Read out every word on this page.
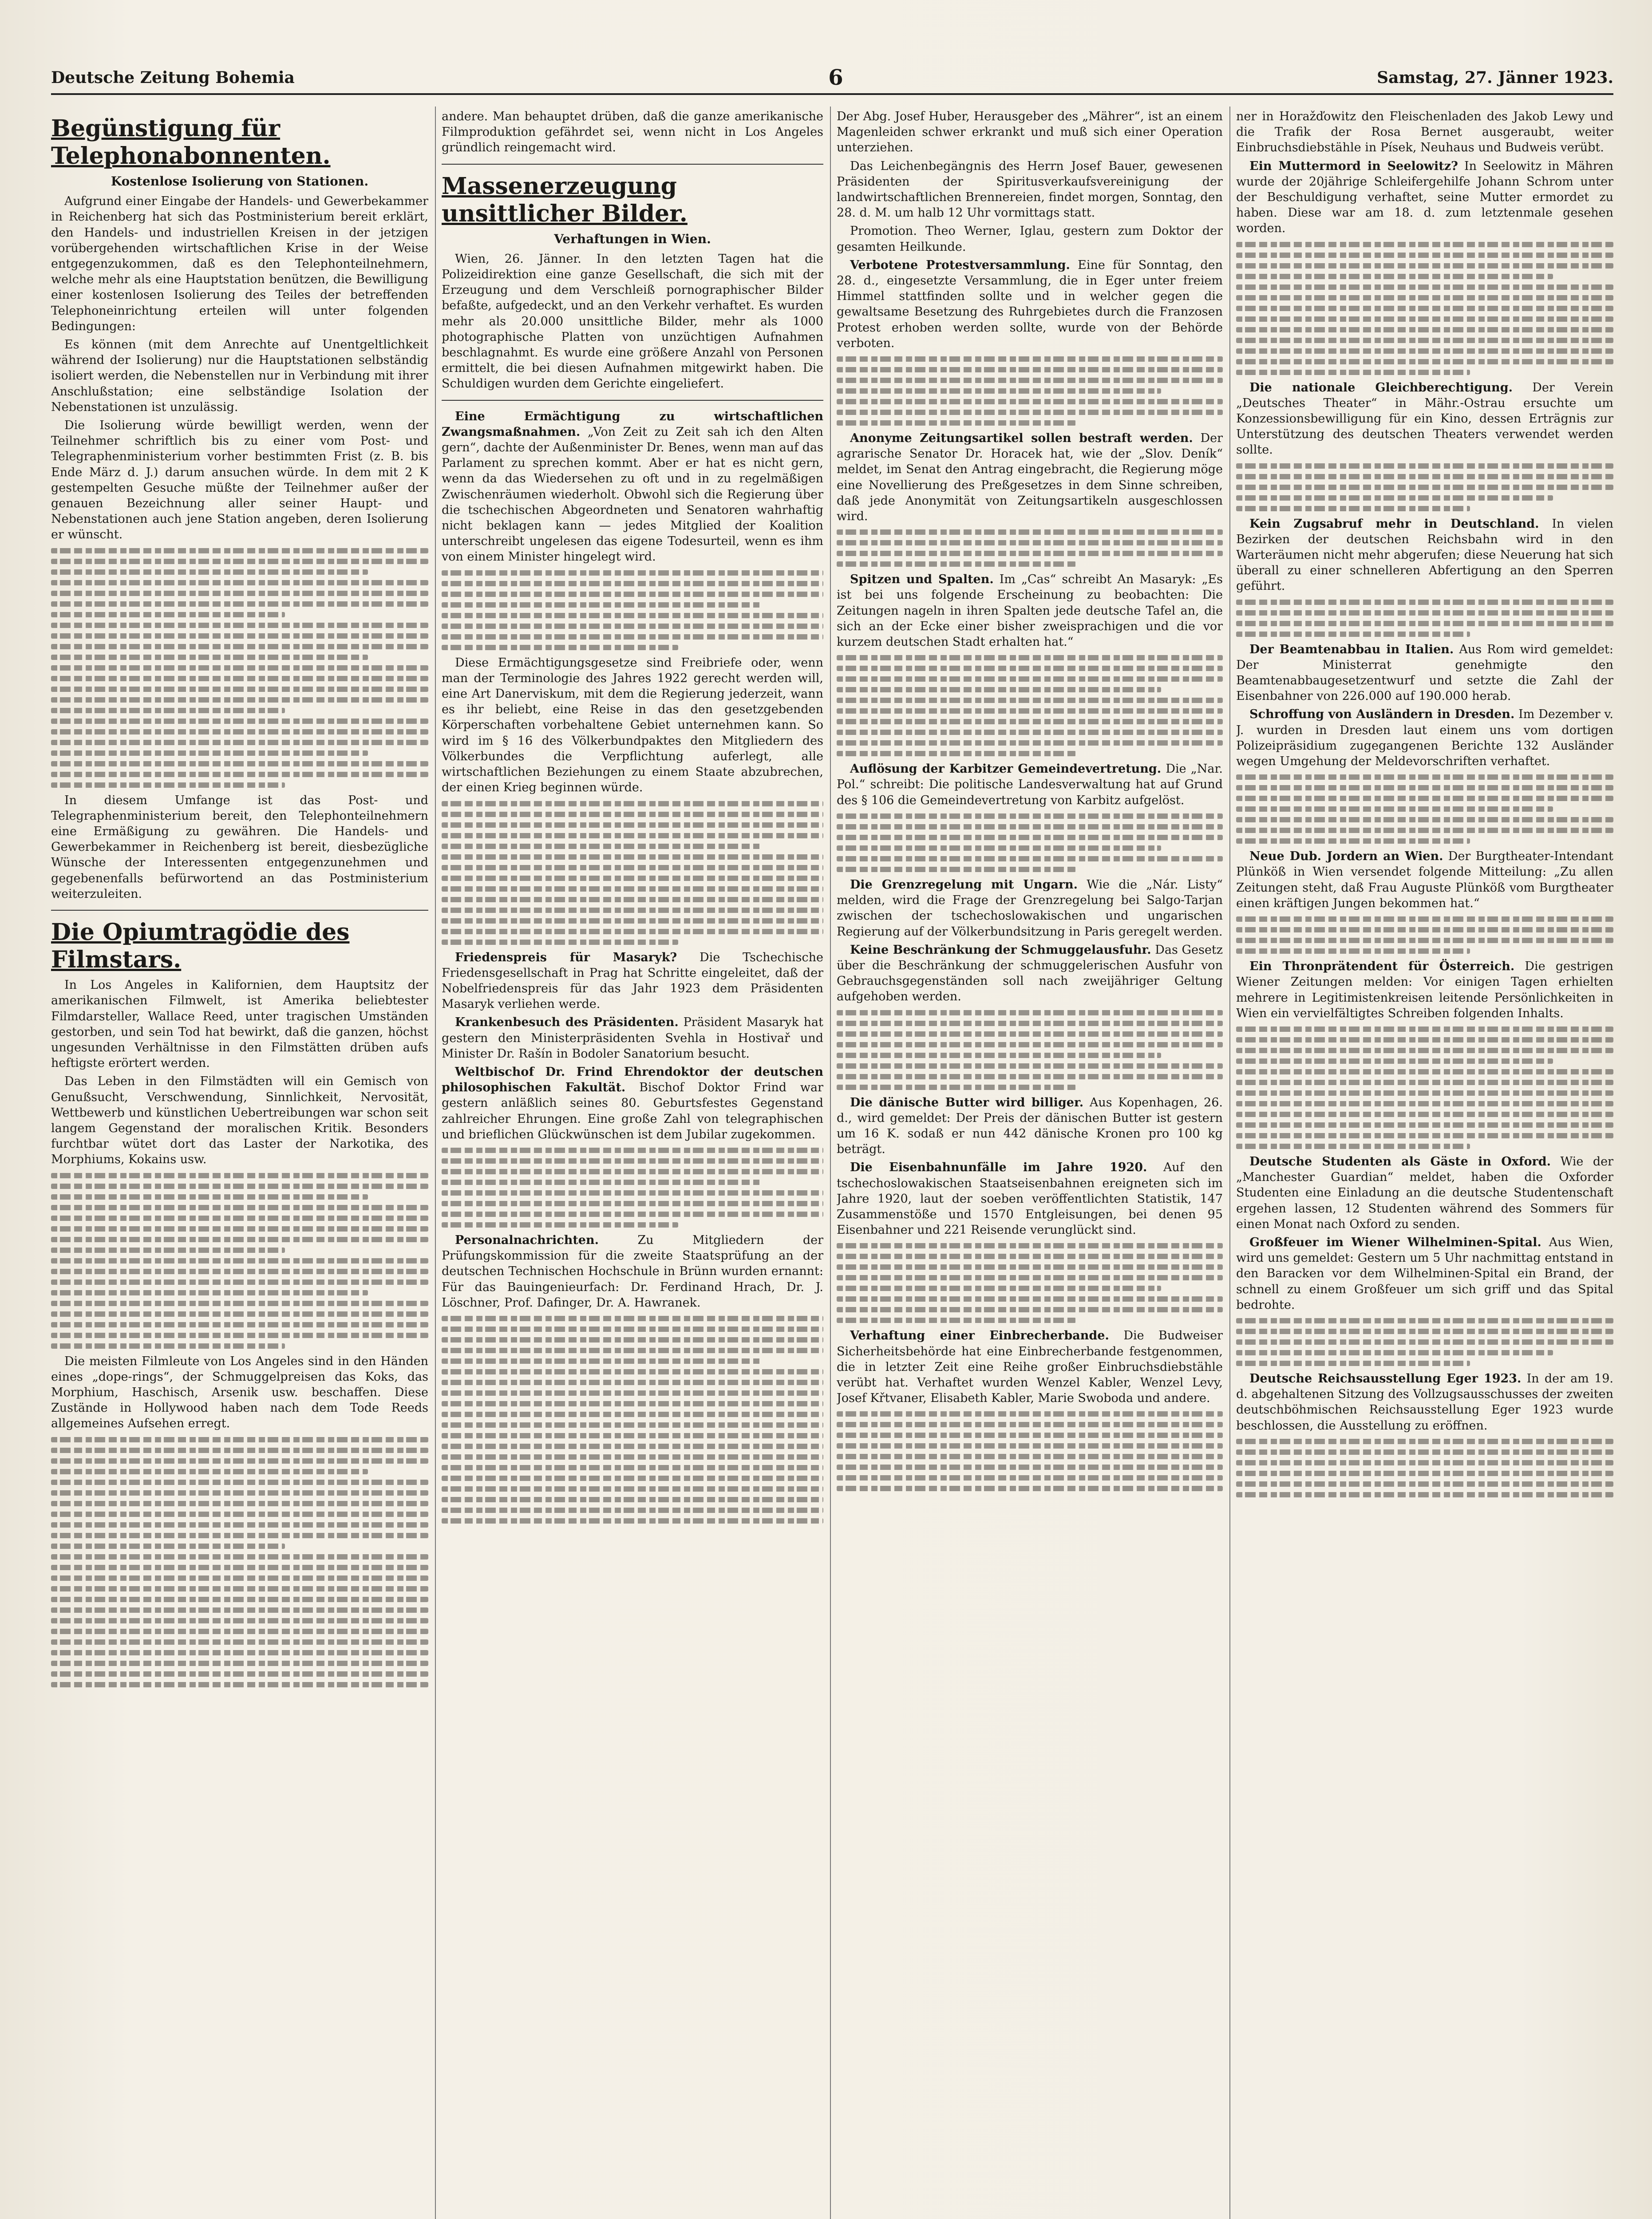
Deutsche Zeitung Bohemia	6	Samstag, 27. Jänner 1923.
Begünstigung für Telephonabonnenten.
Kostenlose Isolierung von Stationen.

Aufgrund einer Eingabe der Handels- und Gewerbekammer in Reichenberg hat sich das Postministerium bereit erklärt, den Handels- und industriellen Kreisen in der jetzigen vorübergehenden wirtschaftlichen Krise in der Weise entgegenzukommen, daß es den Telephonteilnehmern, welche mehr als eine Hauptstation benützen, die Bewilligung einer kostenlosen Isolierung des Teiles der betreffenden Telephoneinrichtung erteilen will unter folgenden Bedingungen:

Es können (mit dem Anrechte auf Unentgeltlichkeit während der Isolierung) nur die Hauptstationen selbständig isoliert werden, die Nebenstellen nur in Verbindung mit ihrer Anschlußstation; eine selbständige Isolation der Nebenstationen ist unzulässig.

Die Isolierung würde bewilligt werden, wenn der Teilnehmer schriftlich bis zu einer vom Post- und Telegraphenministerium vorher bestimmten Frist (z. B. bis Ende März d. J.) darum ansuchen würde. In dem mit 2 K gestempelten Gesuche müßte der Teilnehmer außer der genauen Bezeichnung aller seiner Haupt- und Nebenstationen auch jene Station angeben, deren Isolierung er wünscht.

In diesem Umfange ist das Post- und Telegraphenministerium bereit, den Telephonteilnehmern eine Ermäßigung zu gewähren. Die Handels- und Gewerbekammer in Reichenberg ist bereit, diesbezügliche Wünsche der Interessenten entgegenzunehmen und gegebenenfalls befürwortend an das Postministerium weiterzuleiten.

Die Opiumtragödie des Filmstars.

In Los Angeles in Kalifornien, dem Hauptsitz der amerikanischen Filmwelt, ist Amerika beliebtester Filmdarsteller, Wallace Reed, unter tragischen Umständen gestorben, und sein Tod hat bewirkt, daß die ganzen, höchst ungesunden Verhältnisse in den Filmstätten drüben aufs heftigste erörtert werden.

Das Leben in den Filmstädten will ein Gemisch von Genußsucht, Verschwendung, Sinnlichkeit, Nervosität, Wettbewerb und künstlichen Uebertreibungen war schon seit langem Gegenstand der moralischen Kritik. Besonders furchtbar wütet dort das Laster der Narkotika, des Morphiums, Kokains usw.

Die meisten Filmleute von Los Angeles sind in den Händen eines „dope-rings“, der Schmuggelpreisen das Koks, das Morphium, Haschisch, Arsenik usw. beschaffen. Diese Zustände in Hollywood haben nach dem Tode Reeds allgemeines Aufsehen erregt.

andere. Man behauptet drüben, daß die ganze amerikanische Filmproduktion gefährdet sei, wenn nicht in Los Angeles gründlich reingemacht wird.

Massenerzeugung unsittlicher Bilder.
Verhaftungen in Wien.

Wien, 26. Jänner. In den letzten Tagen hat die Polizeidirektion eine ganze Gesellschaft, die sich mit der Erzeugung und dem Verschleiß pornographischer Bilder befaßte, aufgedeckt, und an den Verkehr verhaftet. Es wurden mehr als 20.000 unsittliche Bilder, mehr als 1000 photographische Platten von unzüchtigen Aufnahmen beschlagnahmt. Es wurde eine größere Anzahl von Personen ermittelt, die bei diesen Aufnahmen mitgewirkt haben. Die Schuldigen wurden dem Gerichte eingeliefert.

Eine Ermächtigung zu wirtschaftlichen Zwangsmaßnahmen. „Von Zeit zu Zeit sah ich den Alten gern“, dachte der Außenminister Dr. Benes, wenn man auf das Parlament zu sprechen kommt. Aber er hat es nicht gern, wenn da das Wiedersehen zu oft und in zu regelmäßigen Zwischenräumen wiederholt. Obwohl sich die Regierung über die tschechischen Abgeordneten und Senatoren wahrhaftig nicht beklagen kann — jedes Mitglied der Koalition unterschreibt ungelesen das eigene Todesurteil, wenn es ihm von einem Minister hingelegt wird.

Diese Ermächtigungsgesetze sind Freibriefe oder, wenn man der Terminologie des Jahres 1922 gerecht werden will, eine Art Danerviskum, mit dem die Regierung jederzeit, wann es ihr beliebt, eine Reise in das den gesetzgebenden Körperschaften vorbehaltene Gebiet unternehmen kann. So wird im § 16 des Völkerbundpaktes den Mitgliedern des Völkerbundes die Verpflichtung auferlegt, alle wirtschaftlichen Beziehungen zu einem Staate abzubrechen, der einen Krieg beginnen würde.

Friedenspreis für Masaryk? Die Tschechische Friedensgesellschaft in Prag hat Schritte eingeleitet, daß der Nobelfriedenspreis für das Jahr 1923 dem Präsidenten Masaryk verliehen werde.

Krankenbesuch des Präsidenten. Präsident Masaryk hat gestern den Ministerpräsidenten Svehla in Hostivař und Minister Dr. Rašín in Bodoler Sanatorium besucht.

Weltbischof Dr. Frind Ehrendoktor der deutschen philosophischen Fakultät. Bischof Doktor Frind war gestern anläßlich seines 80. Geburtsfestes Gegenstand zahlreicher Ehrungen. Eine große Zahl von telegraphischen und brieflichen Glückwünschen ist dem Jubilar zugekommen.

Personalnachrichten.	Zu Mitgliedern der Prüfungskommission für die zweite Staatsprüfung an der deutschen Technischen Hochschule in Brünn wurden ernannt: Für das Bauingenieurfach: Dr. Ferdinand Hrach, Dr. J. Löschner, Prof. Dafinger, Dr. A. Hawranek.

Der Abg. Josef Huber, Herausgeber des „Mährer“, ist an einem Magenleiden schwer erkrankt und muß sich einer Operation unterziehen.

Das Leichenbegängnis des Herrn Josef Bauer, gewesenen Präsidenten der Spiritusverkaufsvereinigung der landwirtschaftlichen Brennereien, findet morgen, Sonntag, den 28. d. M. um halb 12 Uhr vormittags statt.

Promotion. Theo Werner, Iglau, gestern zum Doktor der gesamten Heilkunde.

Verbotene Protestversammlung. Eine für Sonntag, den 28. d., eingesetzte Versammlung, die in Eger unter freiem Himmel stattfinden sollte und in welcher gegen die gewaltsame Besetzung des Ruhrgebietes durch die Franzosen Protest erhoben werden sollte, wurde von der Behörde verboten.

Anonyme Zeitungsartikel sollen bestraft werden. Der agrarische Senator Dr. Horacek hat, wie der „Slov. Deník“ meldet, im Senat den Antrag eingebracht, die Regierung möge eine Novellierung des Preßgesetzes in dem Sinne schreiben, daß jede Anonymität von Zeitungsartikeln ausgeschlossen wird.

Spitzen und Spalten. Im „Cas“ schreibt An Masaryk: „Es ist bei uns folgende Erscheinung zu beobachten: Die Zeitungen nageln in ihren Spalten jede deutsche Tafel an, die sich an der Ecke einer bisher zweisprachigen und die vor kurzem deutschen Stadt erhalten hat.“

Auflösung der Karbitzer Gemeindevertretung. Die „Nar. Pol.“ schreibt: Die politische Landesverwaltung hat auf Grund des § 106 die Gemeindevertretung von Karbitz aufgelöst.

Die Grenzregelung mit Ungarn. Wie die „Nár. Listy“ melden, wird die Frage der Grenzregelung bei Salgo-Tarjan zwischen der tschechoslowakischen und ungarischen Regierung auf der Völkerbundsitzung in Paris geregelt werden.

Keine Beschränkung der Schmuggelausfuhr. Das Gesetz über die Beschränkung der schmuggelerischen Ausfuhr von Gebrauchsgegenständen soll nach zweijähriger Geltung aufgehoben werden.

Die dänische Butter wird billiger. Aus Kopenhagen, 26. d., wird gemeldet: Der Preis der dänischen Butter ist gestern um 16 K. sodaß er nun 442 dänische Kronen pro 100 kg beträgt.

Die Eisenbahnunfälle im Jahre 1920. Auf den tschechoslowakischen Staatseisenbahnen ereigneten sich im Jahre 1920, laut der soeben veröffentlichten Statistik, 147 Zusammenstöße und 1570 Entgleisungen, bei denen 95 Eisenbahner und 221 Reisende verunglückt sind.

Verhaftung einer Einbrecherbande. Die Budweiser Sicherheitsbehörde hat eine Einbrecherbande festgenommen, die in letzter Zeit eine Reihe großer Einbruchsdiebstähle verübt hat. Verhaftet wurden Wenzel Kabler, Wenzel Levy, Josef Křtvaner, Elisabeth Kabler, Marie Swoboda und andere.

ner in Horažďowitz den Fleischenladen des Jakob Lewy und die Trafik der Rosa Bernet ausgeraubt, weiter Einbruchsdiebstähle in Písek, Neuhaus und Budweis verübt.

Ein Muttermord in Seelowitz? In Seelowitz in Mähren wurde der 20jährige Schleifergehilfe Johann Schrom unter der Beschuldigung verhaftet, seine Mutter ermordet zu haben. Diese war am 18. d. zum letztenmale gesehen worden.

Die nationale Gleichberechtigung. Der Verein „Deutsches Theater“ in Mähr.-Ostrau ersuchte um Konzessionsbewilligung für ein Kino, dessen Erträgnis zur Unterstützung des deutschen Theaters verwendet werden sollte.

Kein Zugsabruf mehr in Deutschland. In vielen Bezirken der deutschen Reichsbahn wird in den Warteräumen nicht mehr abgerufen; diese Neuerung hat sich überall zu einer schnelleren Abfertigung an den Sperren geführt.

Der Beamtenabbau in Italien. Aus Rom wird gemeldet: Der Ministerrat genehmigte den Beamtenabbaugesetzentwurf und setzte die Zahl der Eisenbahner von 226.000 auf 190.000 herab.

Schroffung von Ausländern in Dresden. Im Dezember v. J. wurden in Dresden laut einem uns vom dortigen Polizeipräsidium zugegangenen Berichte 132 Ausländer wegen Umgehung der Meldevorschriften verhaftet.

Neue Dub. Jordern an Wien. Der Burgtheater-Intendant Plünköß in Wien versendet folgende Mitteilung: „Zu allen Zeitungen steht, daß Frau Auguste Plünköß vom Burgtheater einen kräftigen Jungen bekommen hat.“

Ein Thronprätendent für Österreich. Die gestrigen Wiener Zeitungen melden: Vor einigen Tagen erhielten mehrere in Legitimistenkreisen leitende Persönlichkeiten in Wien ein vervielfältigtes Schreiben folgenden Inhalts.

Deutsche Studenten als Gäste in Oxford. Wie der „Manchester Guardian“ meldet, haben die Oxforder Studenten eine Einladung an die deutsche Studentenschaft ergehen lassen, 12 Studenten während des Sommers für einen Monat nach Oxford zu senden.

Großfeuer im Wiener Wilhelminen-Spital. Aus Wien, wird uns gemeldet: Gestern um 5 Uhr nachmittag entstand in den Baracken vor dem Wilhelminen-Spital ein Brand, der schnell zu einem Großfeuer um sich griff und das Spital bedrohte.

Deutsche Reichsausstellung Eger 1923. In der am 19. d. abgehaltenen Sitzung des Vollzugsausschusses der zweiten deutschböhmischen Reichsausstellung Eger 1923 wurde beschlossen, die Ausstellung zu eröffnen.
